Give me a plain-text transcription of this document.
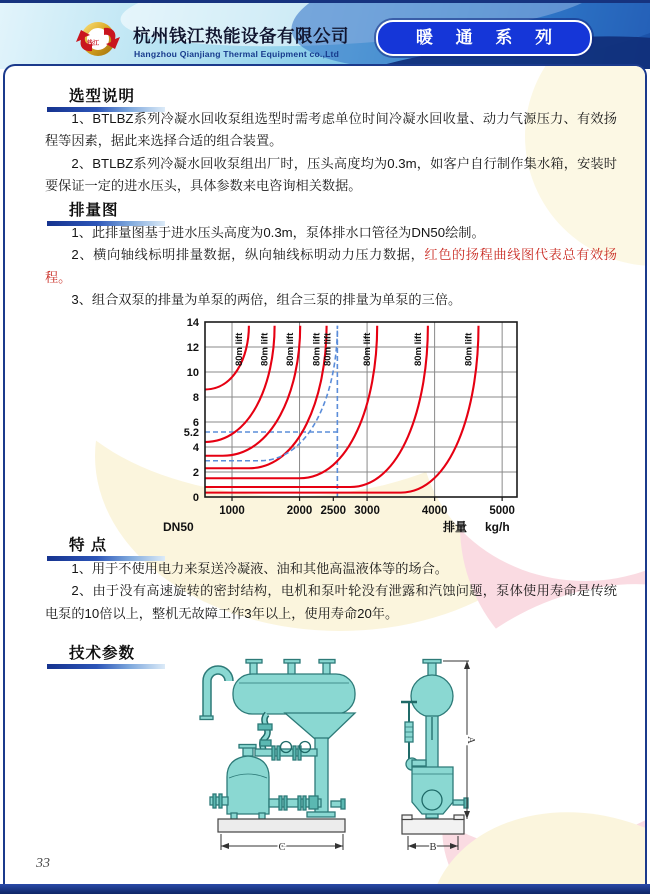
钱江 杭州钱江热能设备有限公司
Hangzhou Qianjiang Thermal Equipment co.,Ltd
暖 通 系 列
选型说明

1、BTLBZ系列冷凝水回收泵组选型时需考虑单位时间冷凝水回收量、动力气源压力、有效扬程等因素，据此来选择合适的组合装置。

2、BTLBZ系列冷凝水回收泵组出厂时，压头高度均为0.3m，如客户自行制作集水箱，安装时要保证一定的进水压头，具体参数来电咨询相关数据。

排量图

1、此排量图基于进水压头高度为0.3m，泵体排水口管径为DN50绘制。

2、横向轴线标明排量数据，纵向轴线标明动力压力数据，红色的扬程曲线图代表总有效扬程。

3、组合双泵的排量为单泵的两倍，组合三泵的排量为单泵的三倍。

80m lift 80m lift 80m lift 80m lift 80m lift	80m lift	80m lift	80m lift
1000	2000 2500 3000	4000	5000
0
2
4
5.2
6
8
10
12
14
DN50	排量 kg/h
特 点

1、用于不使用电力来泵送冷凝液、油和其他高温液体等的场合。

2、由于没有高速旋转的密封结构，电机和泵叶轮没有泄露和汽蚀问题，泵体使用寿命是传统电泵的10倍以上，整机无故障工作3年以上，使用寿命20年。

技术参数
C	B
A
33
